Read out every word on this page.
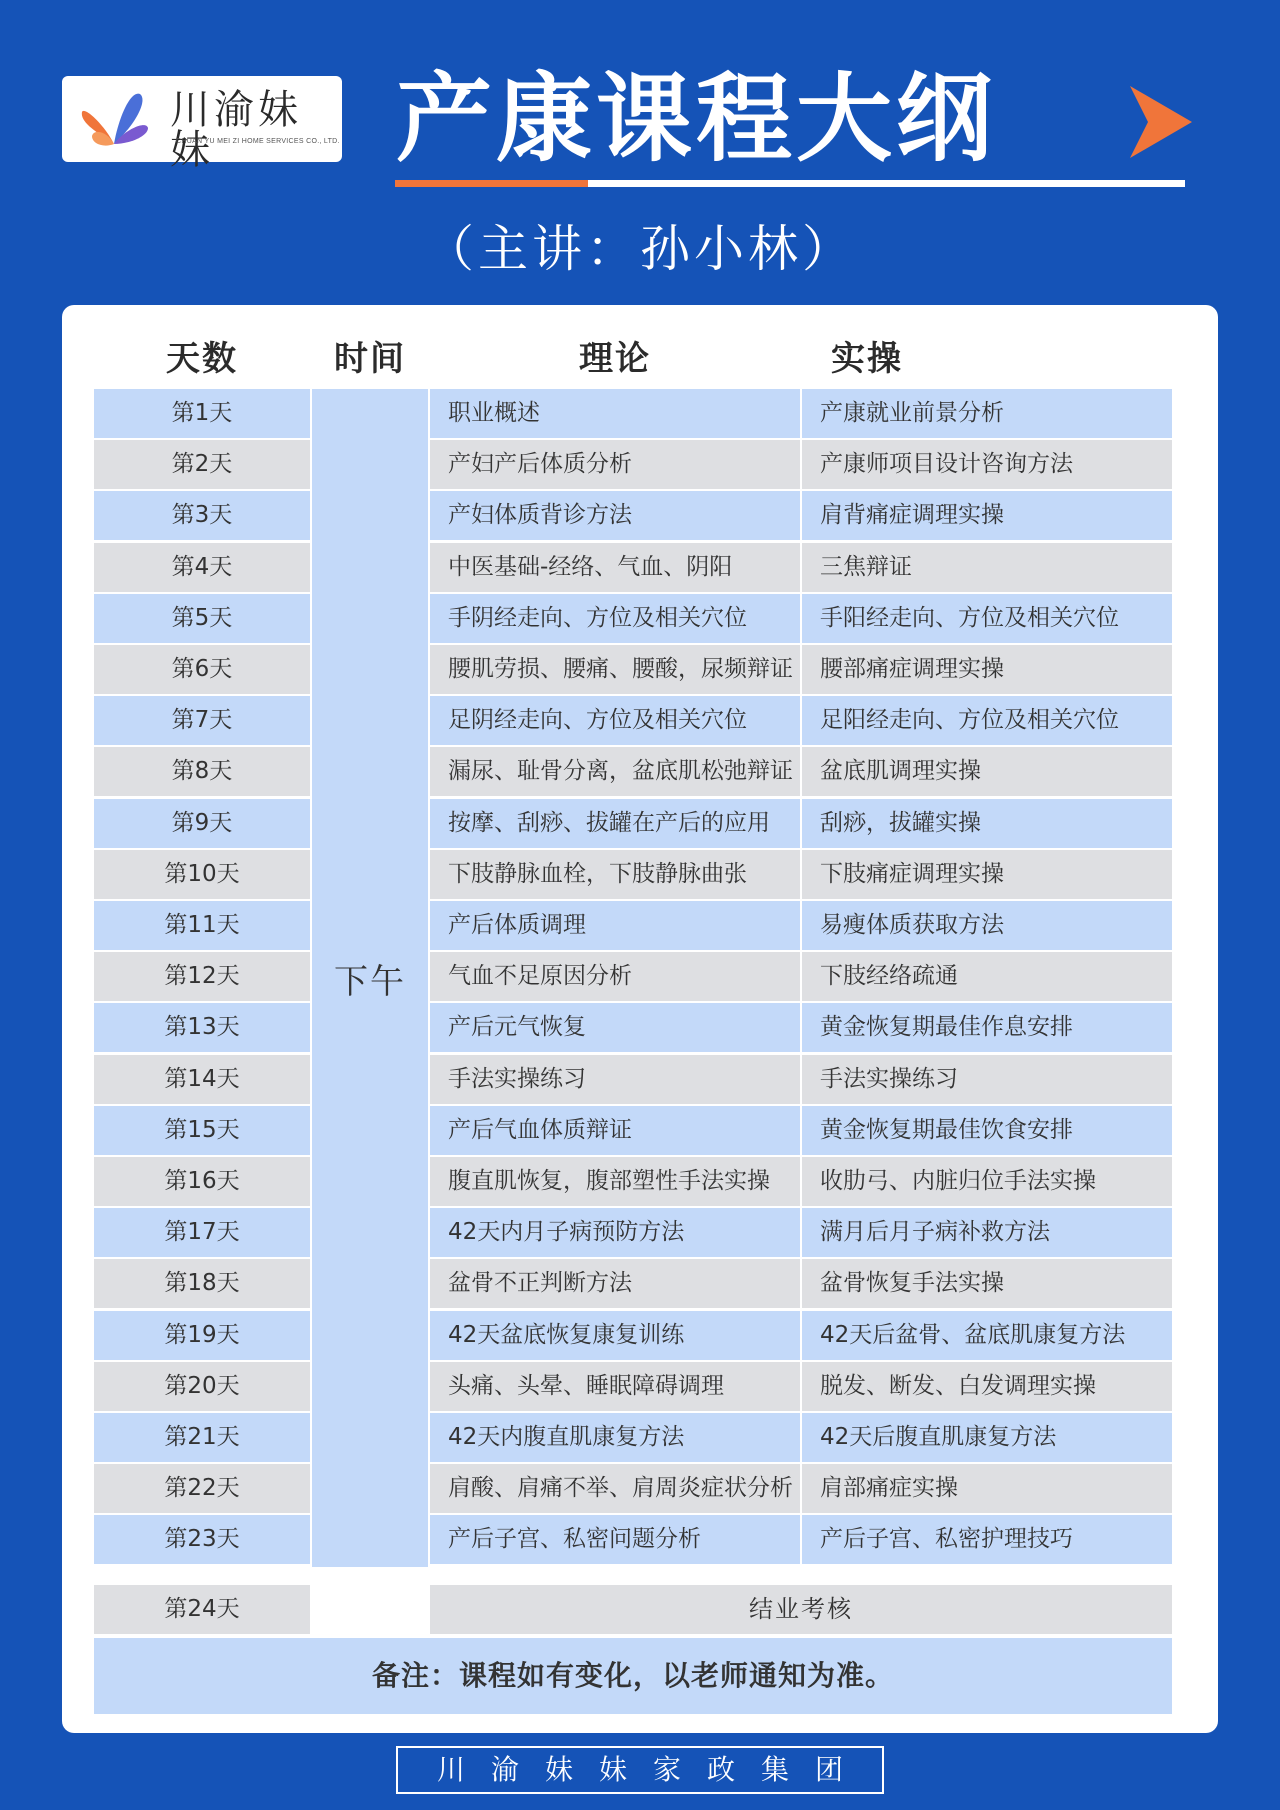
川渝妹妹
CHUAN YU MEI ZI HOME SERVICES CO., LTD. 产康课程大纲
（主讲：孙小林）
天数	时间	理论	实操
下午
第1天	职业概述	产康就业前景分析
第2天	产妇产后体质分析	产康师项目设计咨询方法
第3天	产妇体质背诊方法	肩背痛症调理实操
第4天	中医基础-经络、气血、阴阳	三焦辩证
第5天	手阴经走向、方位及相关穴位	手阳经走向、方位及相关穴位
第6天	腰肌劳损、腰痛、腰酸，尿频辩证	腰部痛症调理实操
第7天	足阴经走向、方位及相关穴位	足阳经走向、方位及相关穴位
第8天	漏尿、耻骨分离，盆底肌松弛辩证	盆底肌调理实操
第9天	按摩、刮痧、拔罐在产后的应用	刮痧，拔罐实操
第10天	下肢静脉血栓，下肢静脉曲张	下肢痛症调理实操
第11天	产后体质调理	易瘦体质获取方法
第12天	气血不足原因分析	下肢经络疏通
第13天	产后元气恢复	黄金恢复期最佳作息安排
第14天	手法实操练习	手法实操练习
第15天	产后气血体质辩证	黄金恢复期最佳饮食安排
第16天	腹直肌恢复，腹部塑性手法实操	收肋弓、内脏归位手法实操
第17天	42天内月子病预防方法	满月后月子病补救方法
第18天	盆骨不正判断方法	盆骨恢复手法实操
第19天	42天盆底恢复康复训练	42天后盆骨、盆底肌康复方法
第20天	头痛、头晕、睡眠障碍调理	脱发、断发、白发调理实操
第21天	42天内腹直肌康复方法	42天后腹直肌康复方法
第22天	肩酸、肩痛不举、肩周炎症状分析	肩部痛症实操
第23天	产后子宫、私密问题分析	产后子宫、私密护理技巧
第24天	结业考核
备注：课程如有变化，以老师通知为准。
川渝妹妹家政集团
